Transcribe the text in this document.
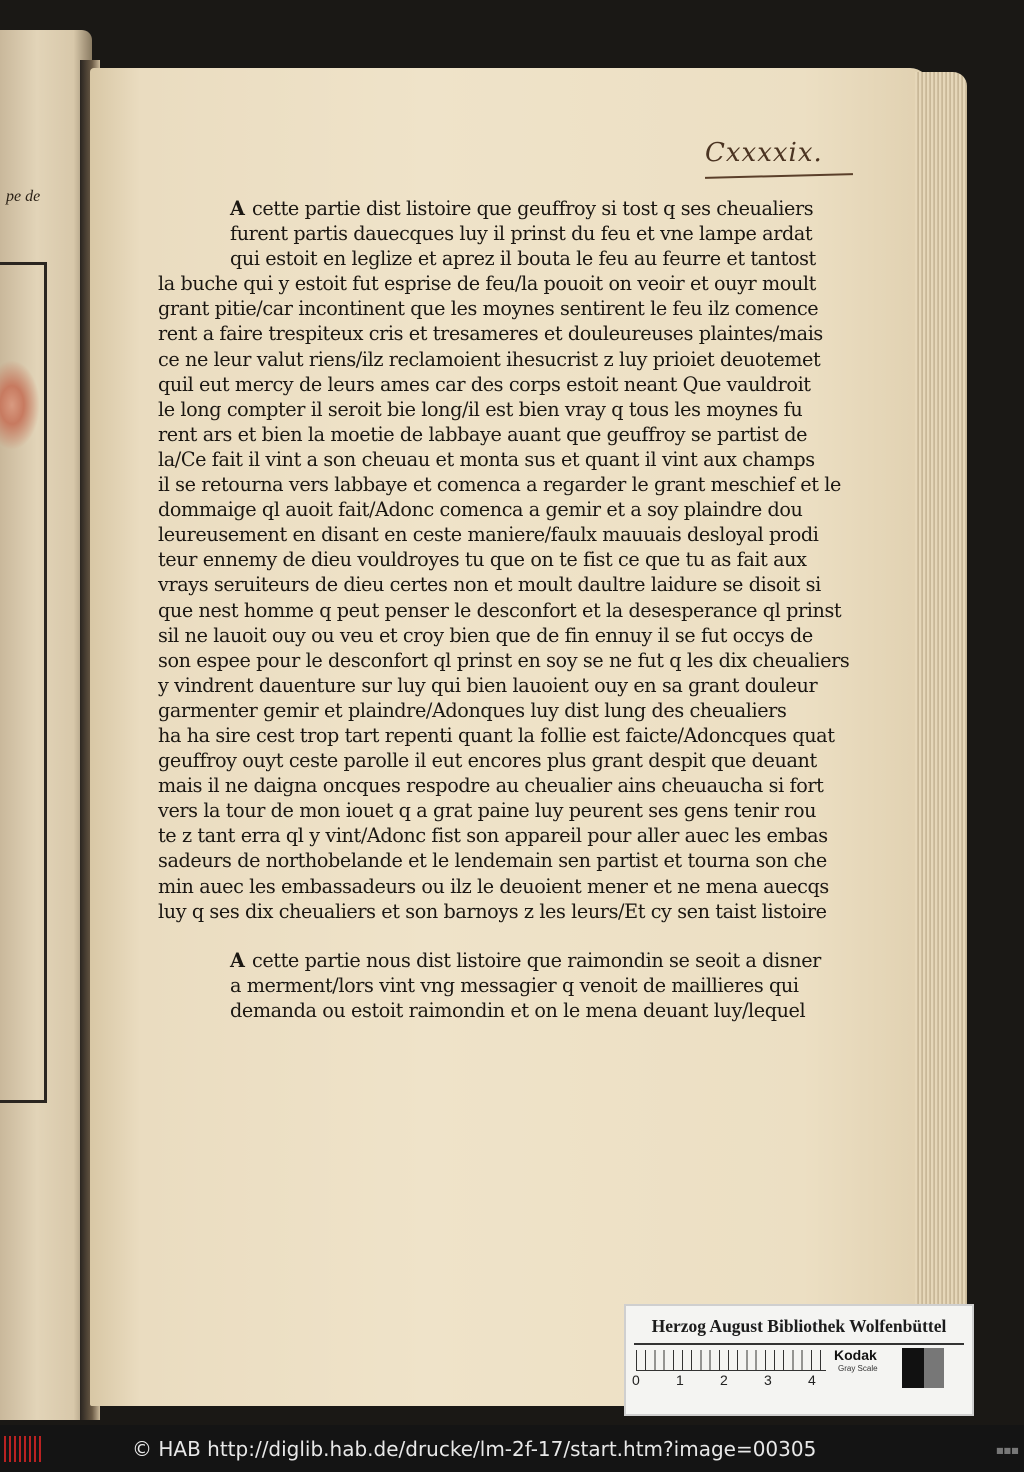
pe de
Cxxxxix.
A cette partie dist listoire que geuffroy si tost q ses cheualiers
furent partis dauecques luy il prinst du feu et vne lampe ardat
qui estoit en leglize et aprez il bouta le feu au feurre et tantost
la buche qui y estoit fut esprise de feu/la pouoit on veoir et ouyr moult
grant pitie/car incontinent que les moynes sentirent le feu ilz comence
rent a faire trespiteux cris et tresameres et douleureuses plaintes/mais
ce ne leur valut riens/ilz reclamoient ihesucrist z luy prioiet deuotemet
quil eut mercy de leurs ames car des corps estoit neant Que vauldroit
le long compter il seroit bie long/il est bien vray q tous les moynes fu
rent ars et bien la moetie de labbaye auant que geuffroy se partist de
la/Ce fait il vint a son cheuau et monta sus et quant il vint aux champs
il se retourna vers labbaye et comenca a regarder le grant meschief et le
dommaige ql auoit fait/Adonc comenca a gemir et a soy plaindre dou
leureusement en disant en ceste maniere/faulx mauuais desloyal prodi
teur ennemy de dieu vouldroyes tu que on te fist ce que tu as fait aux
vrays seruiteurs de dieu certes non et moult daultre laidure se disoit si
que nest homme q peut penser le desconfort et la desesperance ql prinst
sil ne lauoit ouy ou veu et croy bien que de fin ennuy il se fut occys de
son espee pour le desconfort ql prinst en soy se ne fut q les dix cheualiers
y vindrent dauenture sur luy qui bien lauoient ouy en sa grant douleur
garmenter gemir et plaindre/Adonques luy dist lung des cheualiers
ha ha sire cest trop tart repenti quant la follie est faicte/Adoncques quat
geuffroy ouyt ceste parolle il eut encores plus grant despit que deuant
mais il ne daigna oncques respodre au cheualier ains cheuaucha si fort
vers la tour de mon iouet q a grat paine luy peurent ses gens tenir rou
te z tant erra ql y vint/Adonc fist son appareil pour aller auec les embas
sadeurs de northobelande et le lendemain sen partist et tourna son che
min auec les embassadeurs ou ilz le deuoient mener et ne mena auecqs
luy q ses dix cheualiers et son barnoys z les leurs/Et cy sen taist listoire
A cette partie nous dist listoire que raimondin se seoit a disner
a merment/lors vint vng messagier q venoit de maillieres qui
demanda ou estoit raimondin et on le mena deuant luy/lequel
Herzog August Bibliothek Wolfenbüttel
0	1	2	3	4
Kodak
Gray Scale
© HAB http://diglib.hab.de/drucke/lm-2f-17/start.htm?image=00305	■■■
